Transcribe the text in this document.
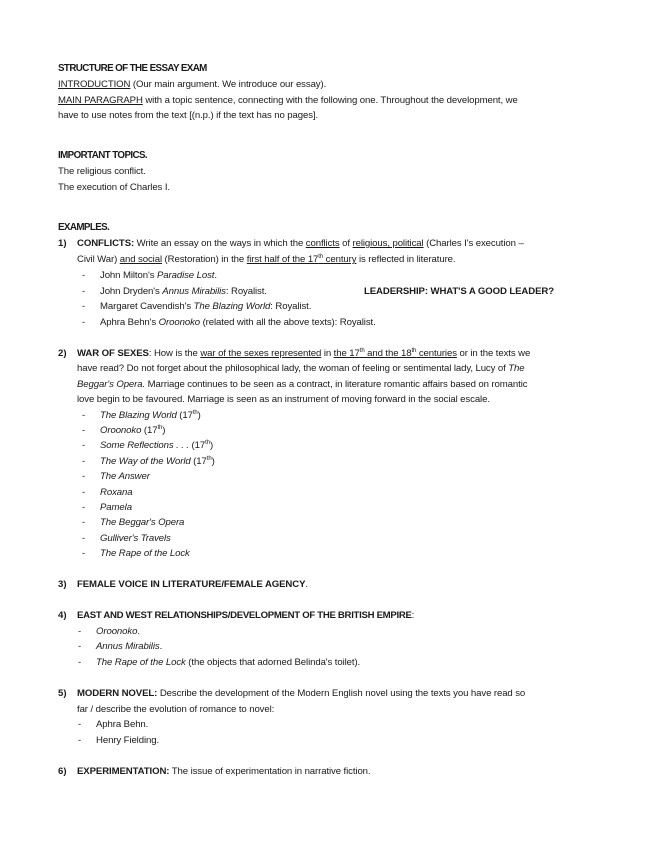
STRUCTURE OF THE ESSAY EXAM
INTRODUCTION (Our main argument. We introduce our essay).
MAIN PARAGRAPH with a topic sentence, connecting with the following one. Throughout the development, we
have to use notes from the text [(n.p.) if the text has no pages].
IMPORTANT TOPICS.
The religious conflict.
The execution of Charles I.
EXAMPLES.
1) CONFLICTS: Write an essay on the ways in which the conflicts of religious, political (Charles I's execution –
Civil War) and social (Restoration) in the first half of the 17th century is reflected in literature.
- John Milton's Paradise Lost.
- John Dryden's Annus Mirabilis: Royalist.	LEADERSHIP: WHAT'S A GOOD LEADER?
- Margaret Cavendish's The Blazing World: Royalist.
- Aphra Behn's Oroonoko (related with all the above texts): Royalist.
2) WAR OF SEXES: How is the war of the sexes represented in the 17th and the 18th centuries or in the texts we
have read? Do not forget about the philosophical lady, the woman of feeling or sentimental lady, Lucy of The
Beggar's Opera. Marriage continues to be seen as a contract, in literature romantic affairs based on romantic
love begin to be favoured. Marriage is seen as an instrument of moving forward in the social escale.
- The Blazing World (17th)
- Oroonoko (17th)
- Some Reflections . . . (17th)
- The Way of the World (17th)
- The Answer
- Roxana
- Pamela
- The Beggar's Opera
- Gulliver's Travels
- The Rape of the Lock
3) FEMALE VOICE IN LITERATURE/FEMALE AGENCY.
4) EAST AND WEST RELATIONSHIPS/DEVELOPMENT OF THE BRITISH EMPIRE:
- Oroonoko.
- Annus Mirabilis.
- The Rape of the Lock (the objects that adorned Belinda's toilet).
5) MODERN NOVEL: Describe the development of the Modern English novel using the texts you have read so
far / describe the evolution of romance to novel:
- Aphra Behn.
- Henry Fielding.
6) EXPERIMENTATION: The issue of experimentation in narrative fiction.
